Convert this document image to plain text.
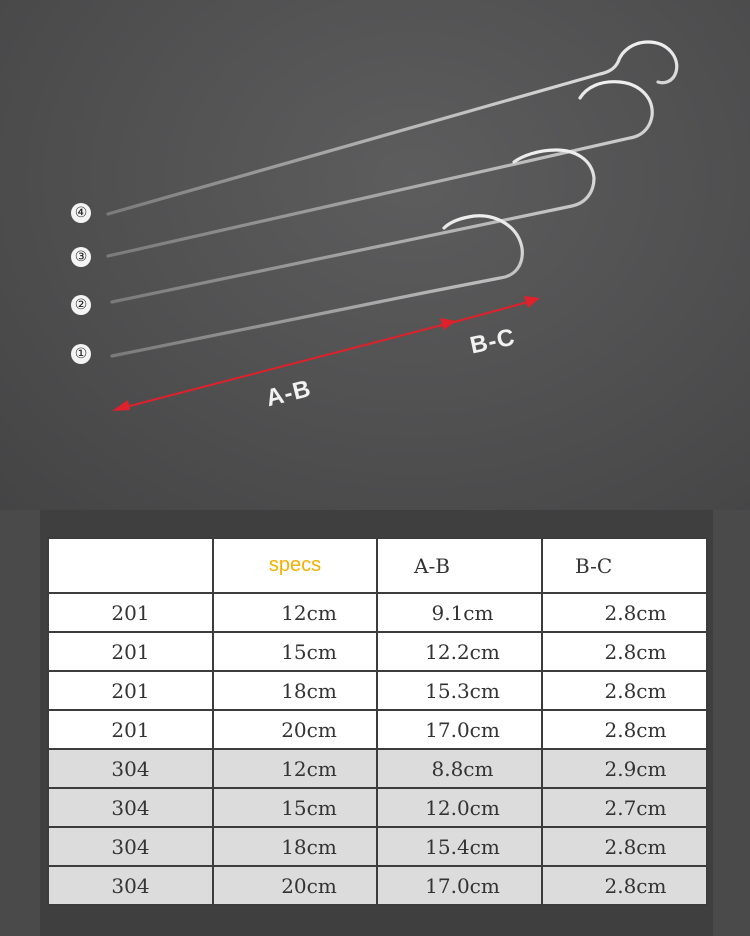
④
③
②
①
A-B
B-C
	specs	A-B	B-C
201	12cm	9.1cm	2.8cm
201	15cm	12.2cm	2.8cm
201	18cm	15.3cm	2.8cm
201	20cm	17.0cm	2.8cm
304	12cm	8.8cm	2.9cm
304	15cm	12.0cm	2.7cm
304	18cm	15.4cm	2.8cm
304	20cm	17.0cm	2.8cm
